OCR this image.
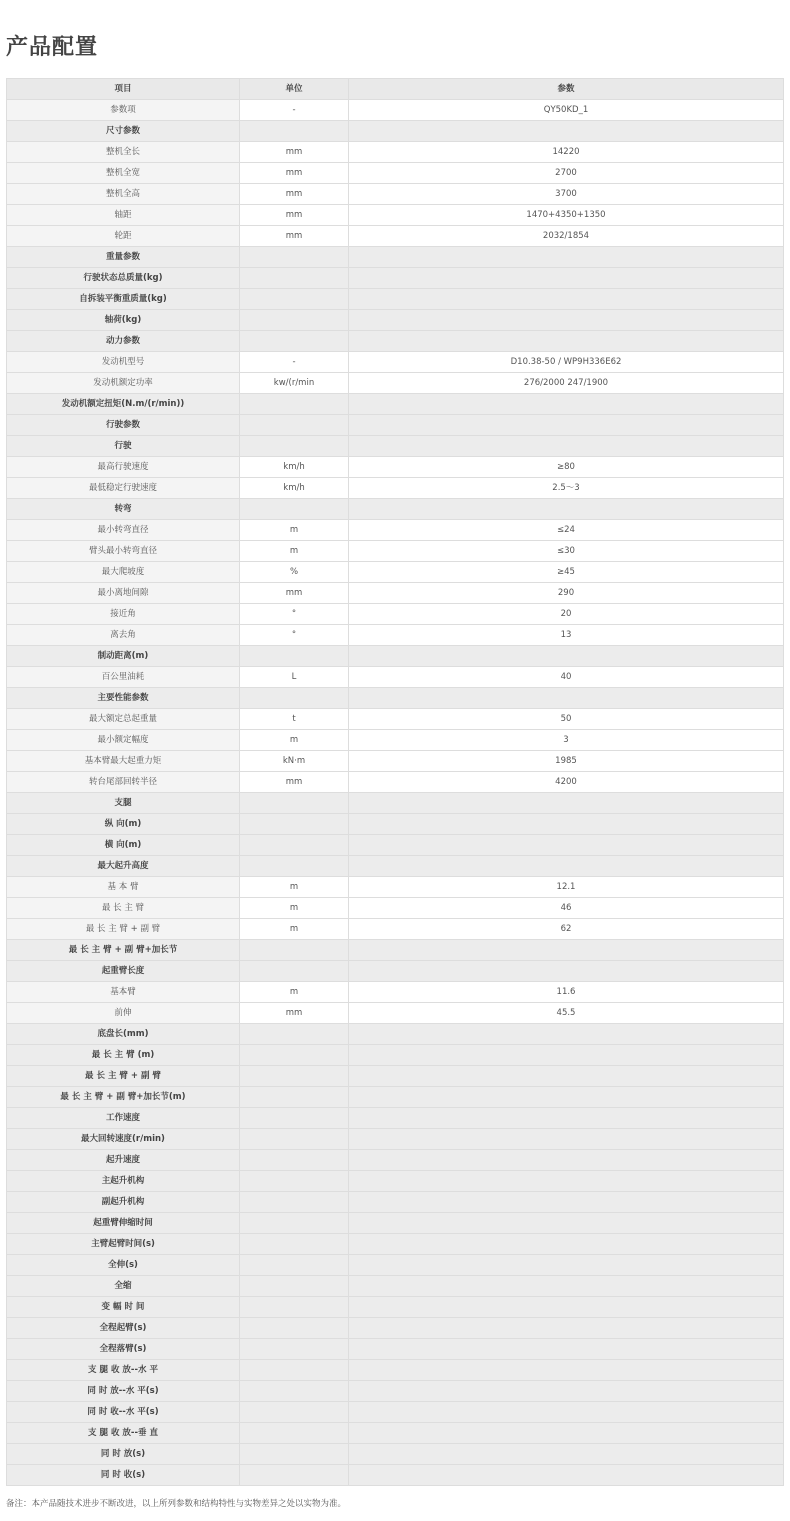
产品配置
项目	单位	参数
参数项	-	QY50KD_1
尺寸参数		
整机全长	mm	14220
整机全宽	mm	2700
整机全高	mm	3700
轴距	mm	1470+4350+1350
轮距	mm	2032/1854
重量参数		
行驶状态总质量(kg)		
自拆装平衡重质量(kg)		
轴荷(kg)		
动力参数		
发动机型号	-	D10.38-50 / WP9H336E62
发动机额定功率	kw/(r/min	276/2000 247/1900
发动机额定扭矩(N.m/(r/min))		
行驶参数		
行驶		
最高行驶速度	km/h	≥80
最低稳定行驶速度	km/h	2.5～3
转弯		
最小转弯直径	m	≤24
臂头最小转弯直径	m	≤30
最大爬坡度	%	≥45
最小离地间隙	mm	290
接近角	°	20
离去角	°	13
制动距离(m)		
百公里油耗	L	40
主要性能参数		
最大额定总起重量	t	50
最小额定幅度	m	3
基本臂最大起重力矩	kN·m	1985
转台尾部回转半径	mm	4200
支腿		
纵 向(m)		
横 向(m)		
最大起升高度		
基 本 臂	m	12.1
最 长 主 臂	m	46
最 长 主 臂 + 副 臂	m	62
最 长 主 臂 + 副 臂+加长节		
起重臂长度		
基本臂	m	11.6
前伸	mm	45.5
底盘长(mm)		
最 长 主 臂 (m)		
最 长 主 臂 + 副 臂		
最 长 主 臂 + 副 臂+加长节(m)		
工作速度		
最大回转速度(r/min)		
起升速度		
主起升机构		
副起升机构		
起重臂伸缩时间		
主臂起臂时间(s)		
全伸(s)		
全缩		
变 幅 时 间		
全程起臂(s)		
全程落臂(s)		
支 腿 收 放--水 平		
同 时 放--水 平(s)		
同 时 收--水 平(s)		
支 腿 收 放--垂 直		
同 时 放(s)		
同 时 收(s)		

备注：本产品随技术进步不断改进，以上所列参数和结构特性与实物差异之处以实物为准。
